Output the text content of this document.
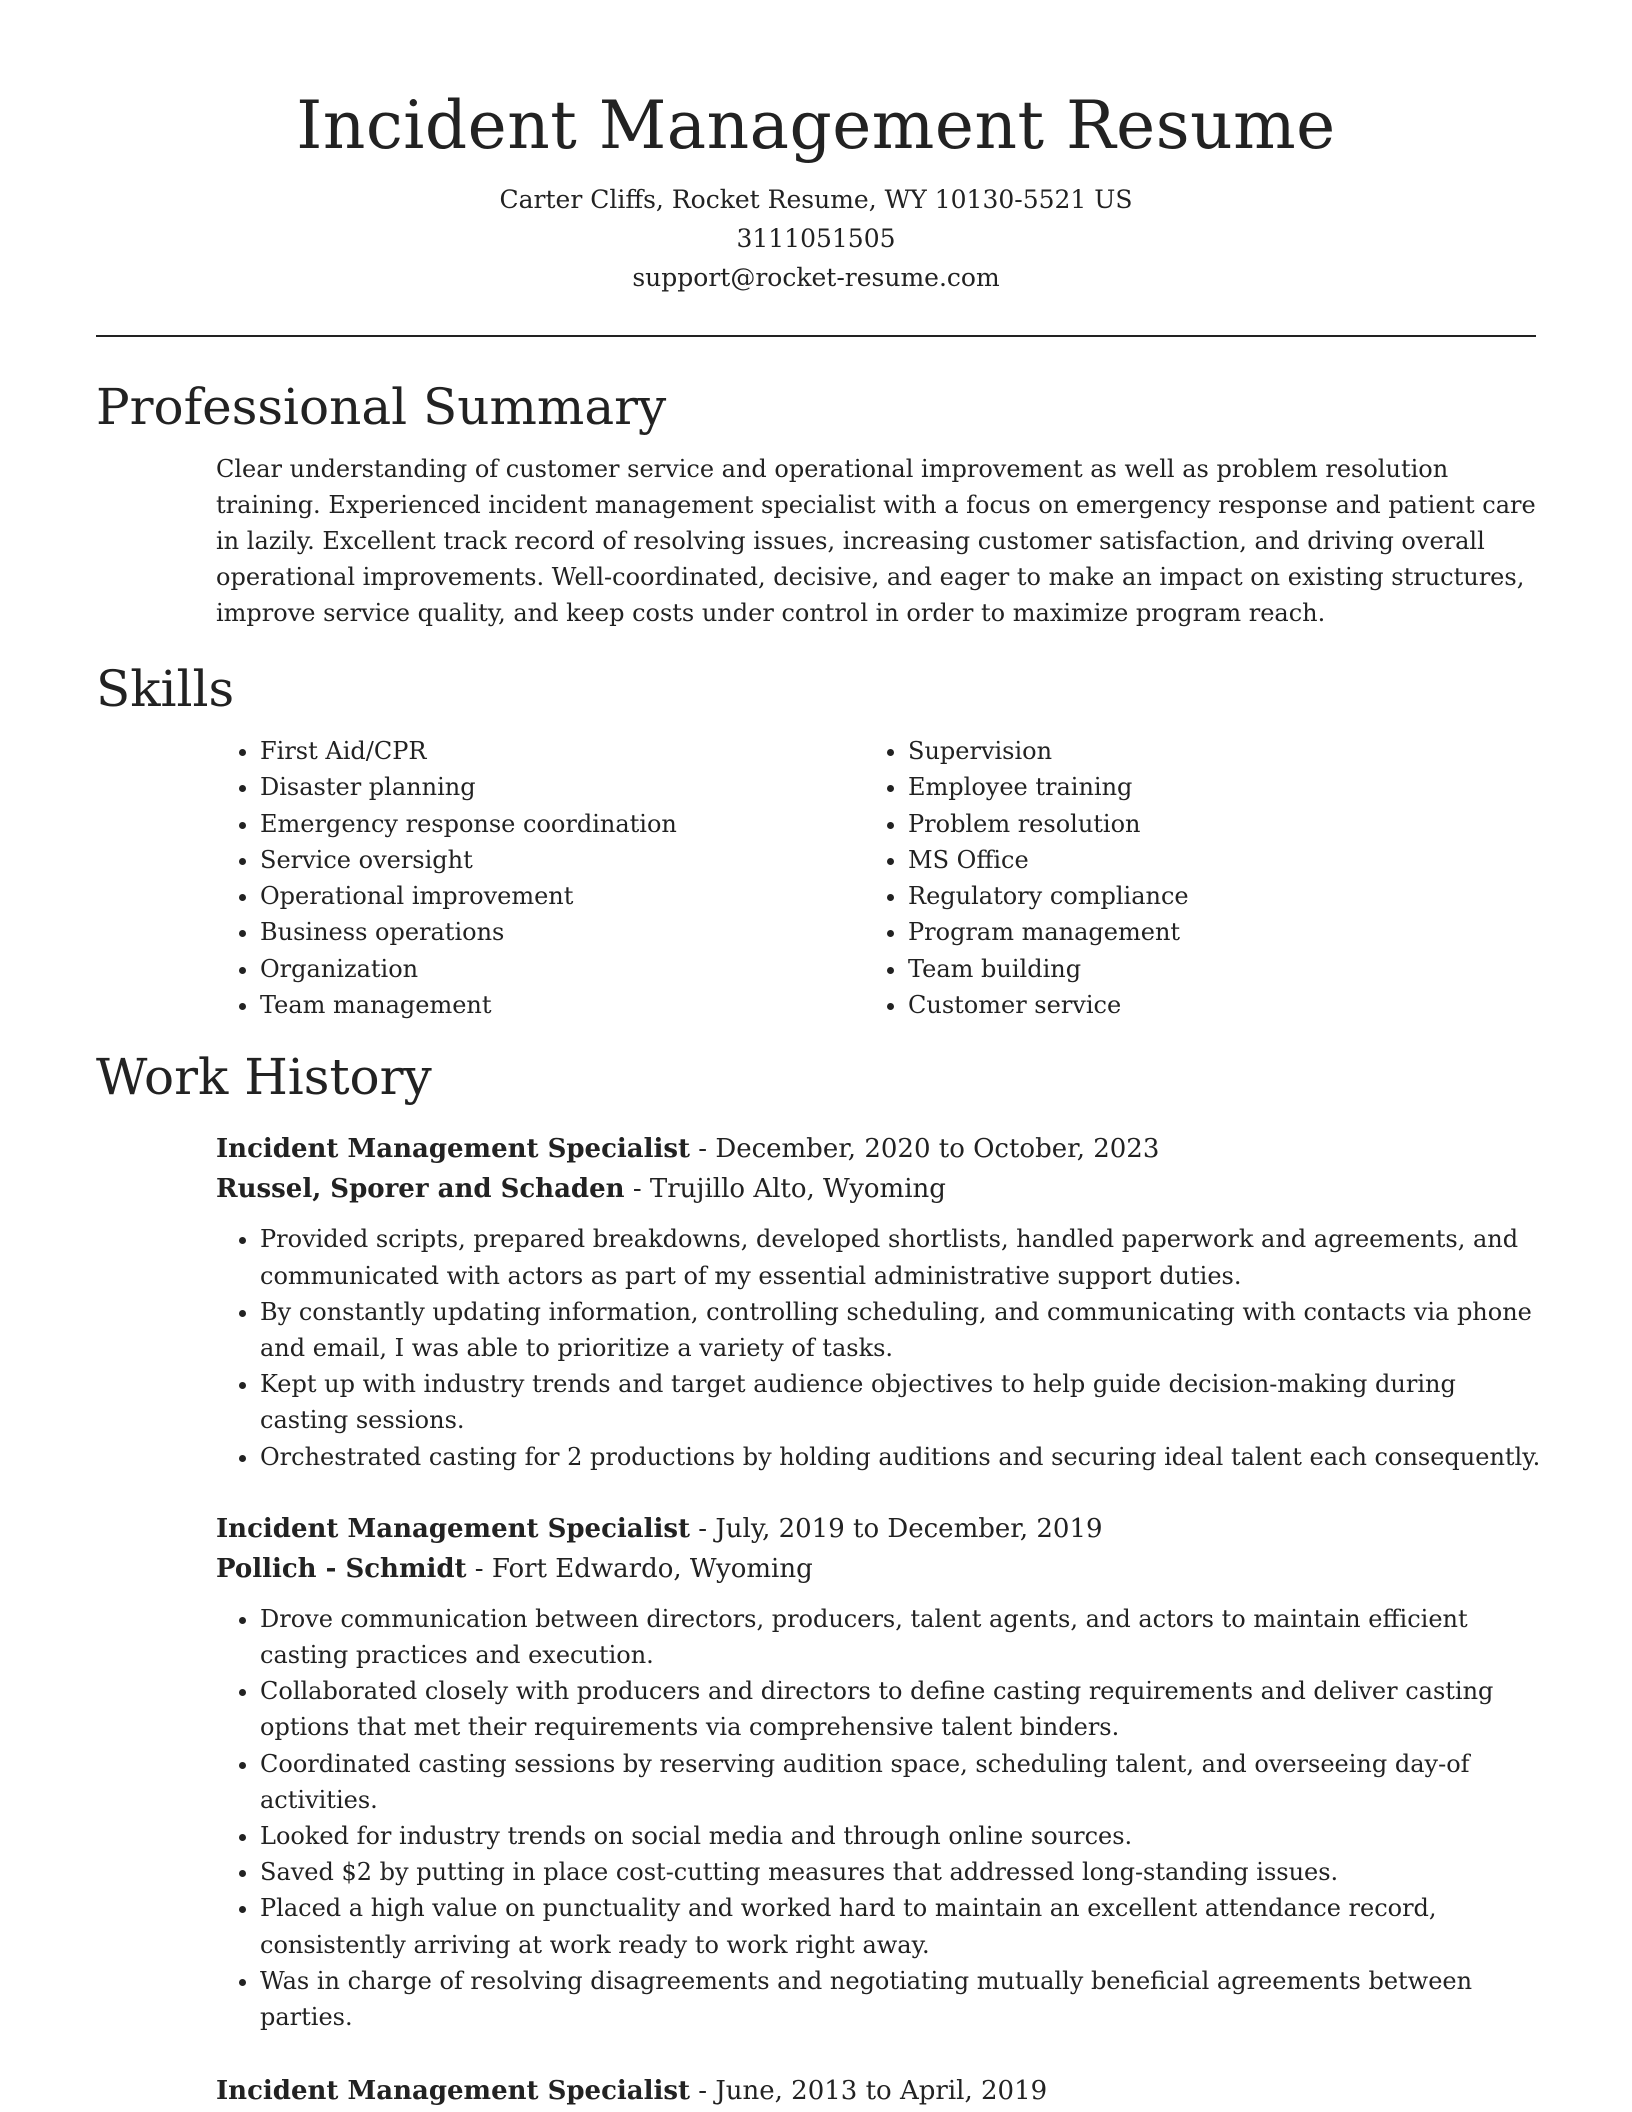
Incident Management Resume
Carter Cliffs, Rocket Resume, WY 10130-5521 US
3111051505
support@rocket-resume.com
Professional Summary

Clear understanding of customer service and operational improvement as well as problem resolution training. Experienced incident management specialist with a focus on emergency response and patient care in lazily. Excellent track record of resolving issues, increasing customer satisfaction, and driving overall operational improvements. Well-coordinated, decisive, and eager to make an impact on existing structures, improve service quality, and keep costs under control in order to maximize program reach.

Skills
• First Aid/CPR
• Disaster planning
• Emergency response coordination
• Service oversight
• Operational improvement
• Business operations
• Organization
• Team management
• Supervision
• Employee training
• Problem resolution
• MS Office
• Regulatory compliance
• Program management
• Team building
• Customer service
Work History
Incident Management Specialist - December, 2020 to October, 2023
Russel, Sporer and Schaden - Trujillo Alto, Wyoming
• Provided scripts, prepared breakdowns, developed shortlists, handled paperwork and agreements, and communicated with actors as part of my essential administrative support duties.
• By constantly updating information, controlling scheduling, and communicating with contacts via phone and email, I was able to prioritize a variety of tasks.
• Kept up with industry trends and target audience objectives to help guide decision-making during casting sessions.
• Orchestrated casting for 2 productions by holding auditions and securing ideal talent each consequently.
Incident Management Specialist - July, 2019 to December, 2019
Pollich - Schmidt - Fort Edwardo, Wyoming
• Drove communication between directors, producers, talent agents, and actors to maintain efficient casting practices and execution.
• Collaborated closely with producers and directors to define casting requirements and deliver casting options that met their requirements via comprehensive talent binders.
• Coordinated casting sessions by reserving audition space, scheduling talent, and overseeing day-of activities.
• Looked for industry trends on social media and through online sources.
• Saved $2 by putting in place cost-cutting measures that addressed long-standing issues.
• Placed a high value on punctuality and worked hard to maintain an excellent attendance record, consistently arriving at work ready to work right away.
• Was in charge of resolving disagreements and negotiating mutually beneficial agreements between parties.
Incident Management Specialist - June, 2013 to April, 2019
